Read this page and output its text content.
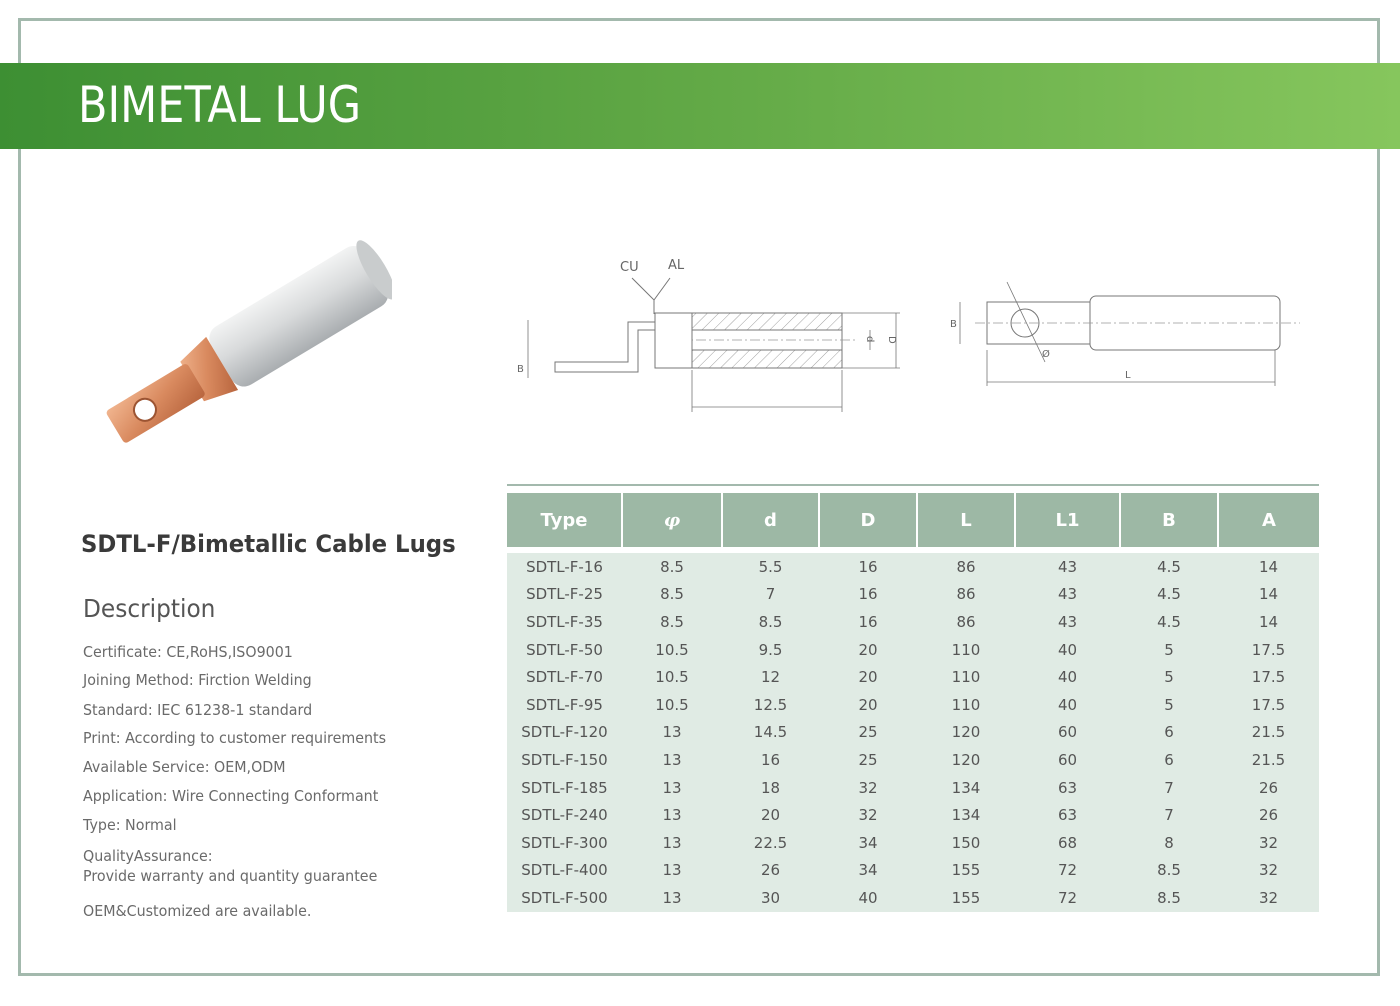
BIMETAL LUG
CU AL
B
d D
Ø
B
L
SDTL-F/Bimetallic Cable Lugs
Description
Certificate: CE,RoHS,ISO9001
Joining Method: Firction Welding
Standard: IEC 61238-1 standard
Print: According to customer requirements
Available Service: OEM,ODM
Application: Wire Connecting Conformant
Type: Normal
QualityAssurance:
Provide warranty and quantity guarantee
OEM&Customized are available.
Type	φ	d	D	L	L1	B	A

SDTL-F-16	8.5	5.5	16	86	43	4.5	14
SDTL-F-25	8.5	7	16	86	43	4.5	14
SDTL-F-35	8.5	8.5	16	86	43	4.5	14
SDTL-F-50	10.5	9.5	20	110	40	5	17.5
SDTL-F-70	10.5	12	20	110	40	5	17.5
SDTL-F-95	10.5	12.5	20	110	40	5	17.5
SDTL-F-120	13	14.5	25	120	60	6	21.5
SDTL-F-150	13	16	25	120	60	6	21.5
SDTL-F-185	13	18	32	134	63	7	26
SDTL-F-240	13	20	32	134	63	7	26
SDTL-F-300	13	22.5	34	150	68	8	32
SDTL-F-400	13	26	34	155	72	8.5	32
SDTL-F-500	13	30	40	155	72	8.5	32
